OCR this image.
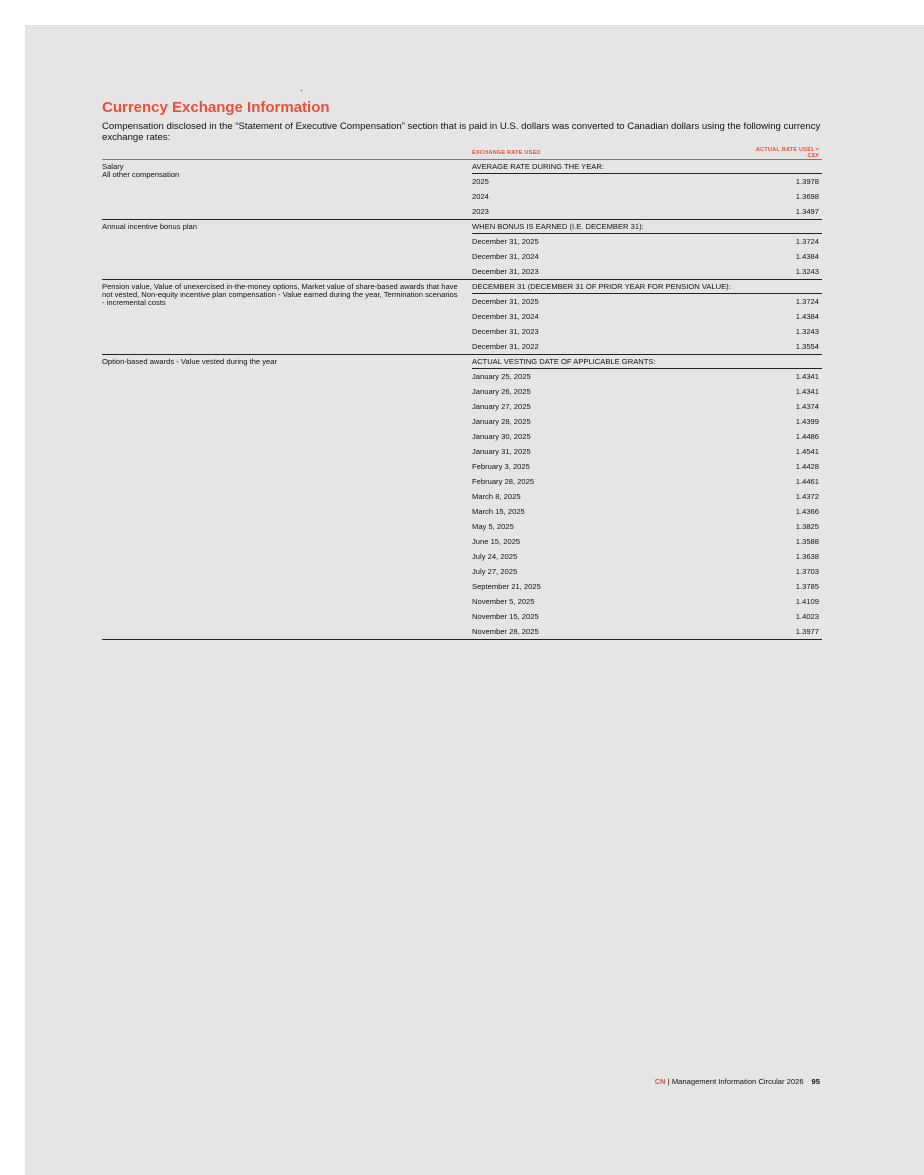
Currency Exchange Information

Compensation disclosed in the “Statement of Executive Compensation” section that is paid in U.S. dollars was converted to Canadian dollars using the following currency exchange rates:

	EXCHANGE RATE USED	ACTUAL RATE US$1 = C$X
Salary
All other compensation	AVERAGE RATE DURING THE YEAR:	
	2025	1.3978
	2024	1.3698
	2023	1.3497
Annual incentive bonus plan	WHEN BONUS IS EARNED (I.E. DECEMBER 31):	
	December 31, 2025	1.3724
	December 31, 2024	1.4384
	December 31, 2023	1.3243
Pension value, Value of unexercised in-the-money options, Market value of share-based awards that have not vested, Non-equity incentive plan compensation - Value earned during the year, Termination scenarios - incremental costs	DECEMBER 31 (DECEMBER 31 OF PRIOR YEAR FOR PENSION VALUE):	
	December 31, 2025	1.3724
	December 31, 2024	1.4384
	December 31, 2023	1.3243
	December 31, 2022	1.3554
Option-based awards - Value vested during the year	ACTUAL VESTING DATE OF APPLICABLE GRANTS:	
	January 25, 2025	1.4341
	January 26, 2025	1.4341
	January 27, 2025	1.4374
	January 28, 2025	1.4399
	January 30, 2025	1.4486
	January 31, 2025	1.4541
	February 3, 2025	1.4428
	February 28, 2025	1.4461
	March 8, 2025	1.4372
	March 15, 2025	1.4366
	May 5, 2025	1.3825
	June 15, 2025	1.3588
	July 24, 2025	1.3638
	July 27, 2025	1.3703
	September 21, 2025	1.3785
	November 5, 2025	1.4109
	November 15, 2025	1.4023
	November 28, 2025	1.3977
CN | Management Information Circular 2026 95
